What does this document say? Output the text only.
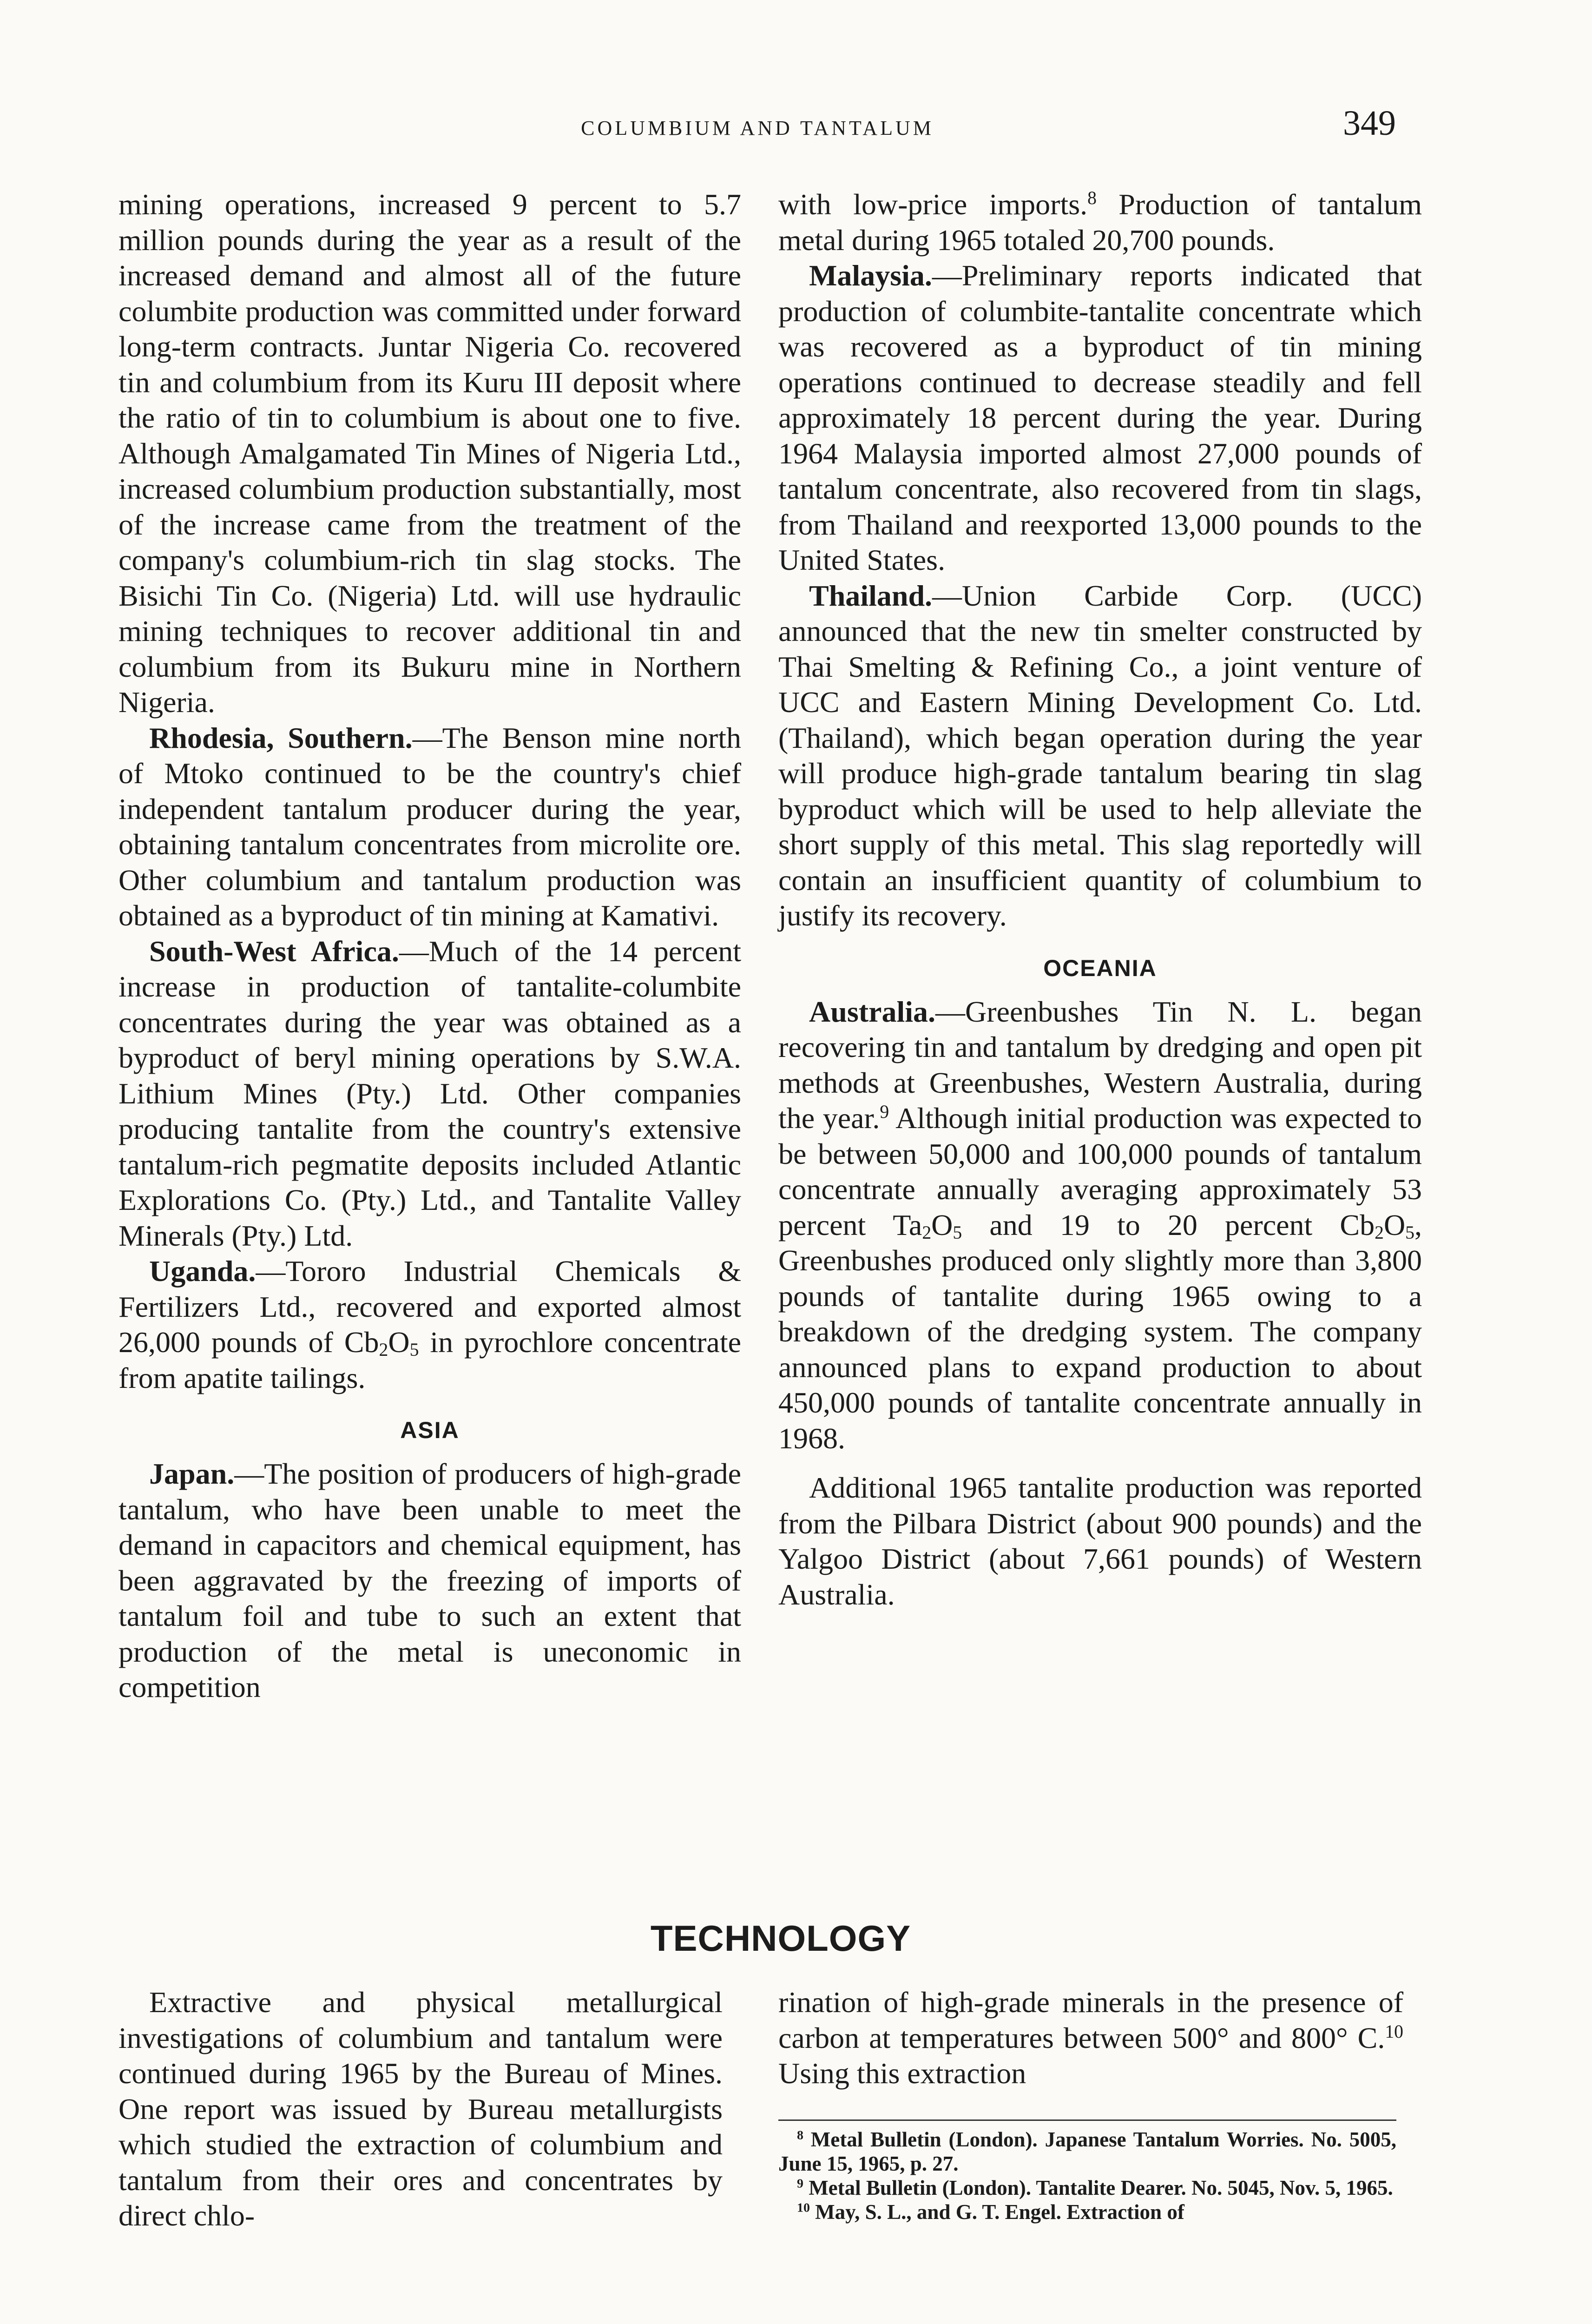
COLUMBIUM AND TANTALUM	349

mining operations, increased 9 percent to 5.7 million pounds during the year as a result of the increased demand and almost all of the future columbite production was committed under forward long-term contracts. Juntar Nigeria Co. recovered tin and columbium from its Kuru III deposit where the ratio of tin to columbium is about one to five. Although Amalgamated Tin Mines of Nigeria Ltd., increased columbium production substantially, most of the increase came from the treatment of the company's columbium-rich tin slag stocks. The Bisichi Tin Co. (Nigeria) Ltd. will use hydraulic mining techniques to recover additional tin and columbium from its Bukuru mine in Northern Nigeria.

Rhodesia, Southern.—The Benson mine north of Mtoko continued to be the country's chief independent tantalum producer during the year, obtaining tantalum concentrates from microlite ore. Other columbium and tantalum production was obtained as a byproduct of tin mining at Kamativi.

South-West Africa.—Much of the 14 percent increase in production of tantalite-columbite concentrates during the year was obtained as a byproduct of beryl mining operations by S.W.A. Lithium Mines (Pty.) Ltd. Other companies producing tantalite from the country's extensive tantalum-rich pegmatite deposits included Atlantic Explorations Co. (Pty.) Ltd., and Tantalite Valley Minerals (Pty.) Ltd.

Uganda.—Tororo Industrial Chemicals & Fertilizers Ltd., recovered and exported almost 26,000 pounds of $Cb_2O_5$ in pyrochlore concentrate from apatite tailings.

ASIA

Japan.—The position of producers of high-grade tantalum, who have been unable to meet the demand in capacitors and chemical equipment, has been aggravated by the freezing of imports of tantalum foil and tube to such an extent that production of the metal is uneconomic in competition

with low-price imports.$^8$ Production of tantalum metal during 1965 totaled 20,700 pounds.

Malaysia.—Preliminary reports indicated that production of columbite-tantalite concentrate which was recovered as a byproduct of tin mining operations continued to decrease steadily and fell approximately 18 percent during the year. During 1964 Malaysia imported almost 27,000 pounds of tantalum concentrate, also recovered from tin slags, from Thailand and reexported 13,000 pounds to the United States.

Thailand.—Union Carbide Corp. (UCC) announced that the new tin smelter constructed by Thai Smelting & Refining Co., a joint venture of UCC and Eastern Mining Development Co. Ltd. (Thailand), which began operation during the year will produce high-grade tantalum bearing tin slag byproduct which will be used to help alleviate the short supply of this metal. This slag reportedly will contain an insufficient quantity of columbium to justify its recovery.

OCEANIA

Australia.—Greenbushes Tin N. L. began recovering tin and tantalum by dredging and open pit methods at Greenbushes, Western Australia, during the year.$^9$ Although initial production was expected to be between 50,000 and 100,000 pounds of tantalum concentrate annually averaging approximately 53 percent $Ta_2O_5$ and 19 to 20 percent $Cb_2O_5$, Greenbushes produced only slightly more than 3,800 pounds of tantalite during 1965 owing to a breakdown of the dredging system. The company announced plans to expand production to about 450,000 pounds of tantalite concentrate annually in 1968.

Additional 1965 tantalite production was reported from the Pilbara District (about 900 pounds) and the Yalgoo District (about 7,661 pounds) of Western Australia.

TECHNOLOGY

Extractive and physical metallurgical investigations of columbium and tantalum were continued during 1965 by the Bureau of Mines. One report was issued by Bureau metallurgists which studied the extraction of columbium and tantalum from their ores and concentrates by direct chlo-

rination of high-grade minerals in the presence of carbon at temperatures between 500° and 800° C.$^{10}$ Using this extraction

$^8$ Metal Bulletin (London). Japanese Tantalum Worries. No. 5005, June 15, 1965, p. 27.

$^9$ Metal Bulletin (London). Tantalite Dearer. No. 5045, Nov. 5, 1965.

$^{10}$ May, S. L., and G. T. Engel. Extraction of
